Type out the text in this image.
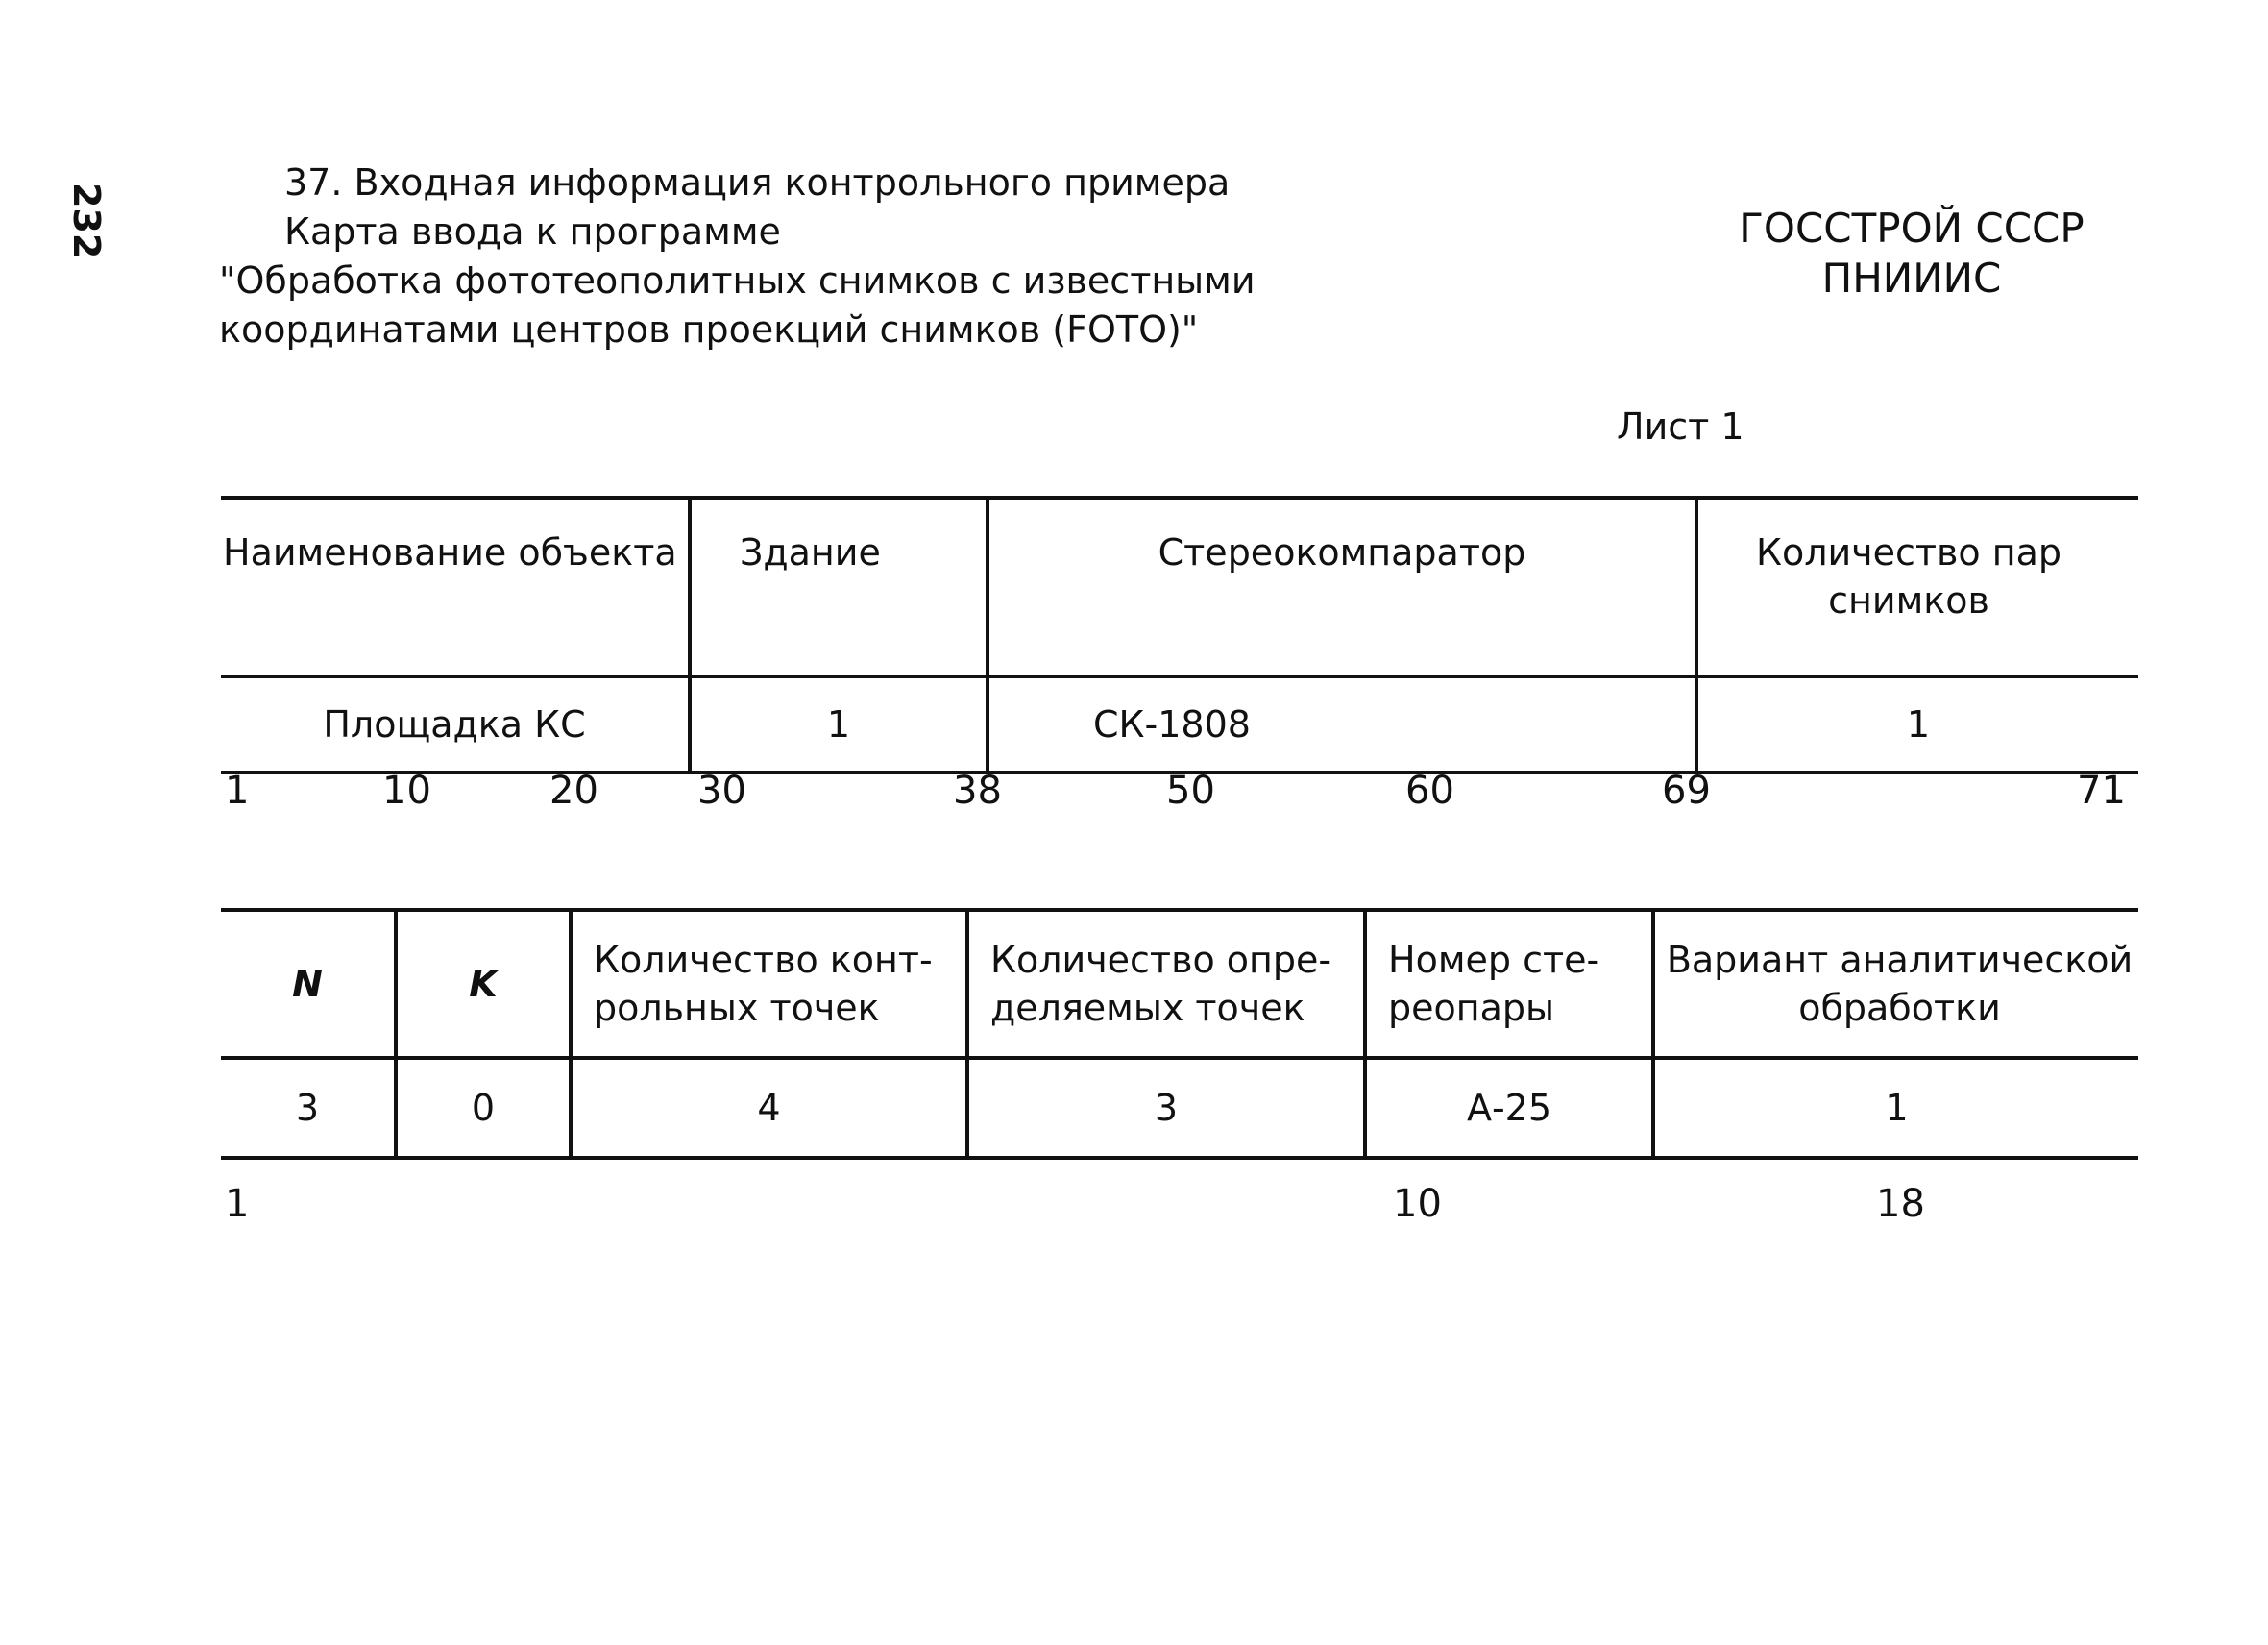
232	37. Входная информация контрольного примера
Карта ввода к программе
"Обработка фототеополитных снимков с известными
координатами центров проекций снимков (FOTO)"
ГОССТРОЙ СССР
ПНИИИС
Лист 1
Наименование объекта	Здание	Стереокомпаратор	Количество пар снимков
Площадка КС	1	СК-1808	1
1	10	20	30	38	50	60	69	71
N	K	Количество конт-рольных точек	Количество опре-деляемых точек	Номер сте-реопары	Вариант аналитической обработки
3	0	4	3	А-25	1
1	10	18
